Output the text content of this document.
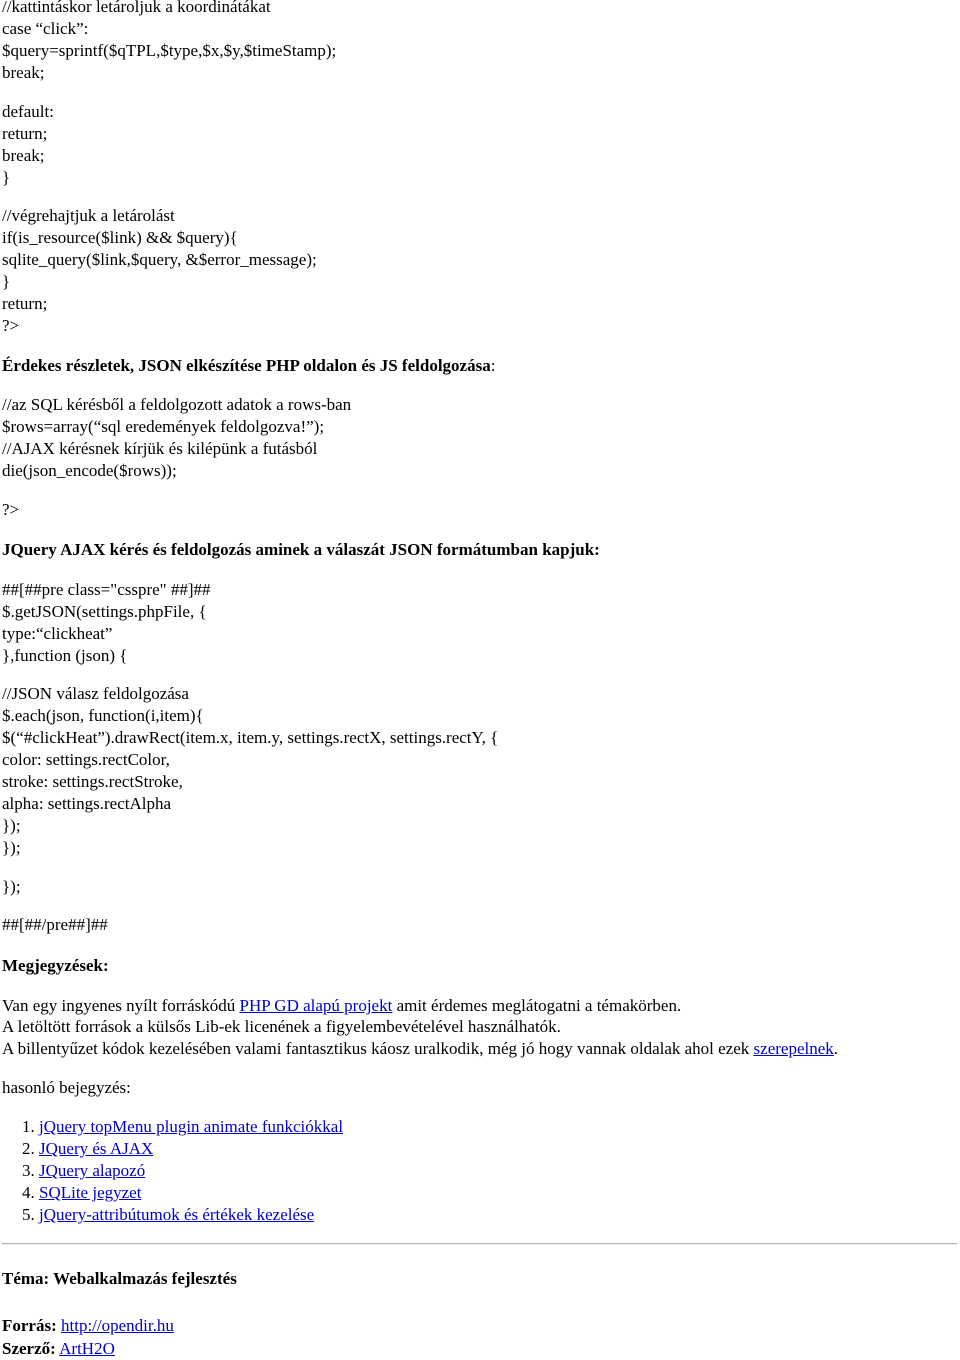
//kattintáskor letároljuk a koordinátákat
case “click”:
$query=sprintf($qTPL,$type,$x,$y,$timeStamp);
break;
default:
return;
break;
}
//végrehajtjuk a letárolást
if(is_resource($link) && $query){
sqlite_query($link,$query, &$error_message);
}
return;
?>
Érdekes részletek, JSON elkészítése PHP oldalon és JS feldolgozása:
//az SQL kérésből a feldolgozott adatok a rows-ban
$rows=array(“sql eredemények feldolgozva!”);
//AJAX kérésnek kírjük és kilépünk a futásból
die(json_encode($rows));
?>
JQuery AJAX kérés és feldolgozás aminek a válaszát JSON formátumban kapjuk:
##[##pre class="csspre" ##]##
$.getJSON(settings.phpFile, {
type:“clickheat”
},function (json) {
//JSON válasz feldolgozása
$.each(json, function(i,item){
$(“#clickHeat”).drawRect(item.x, item.y, settings.rectX, settings.rectY, {
color: settings.rectColor,
stroke: settings.rectStroke,
alpha: settings.rectAlpha
});
});
});
##[##/pre##]##
Megjegyzések:
Van egy ingyenes nyílt forráskódú PHP GD alapú projekt amit érdemes meglátogatni a témakörben.
A letöltött források a külsős Lib-ek licenének a figyelembevételével használhatók.
A billentyűzet kódok kezelésében valami fantasztikus káosz uralkodik, még jó hogy vannak oldalak ahol ezek szerepelnek.
hasonló bejegyzés:
1. jQuery topMenu plugin animate funkciókkal
2. JQuery és AJAX
3. JQuery alapozó
4. SQLite jegyzet
5. jQuery-attribútumok és értékek kezelése
Téma: Webalkalmazás fejlesztés
Forrás: http://opendir.hu
Szerző: ArtH2O
